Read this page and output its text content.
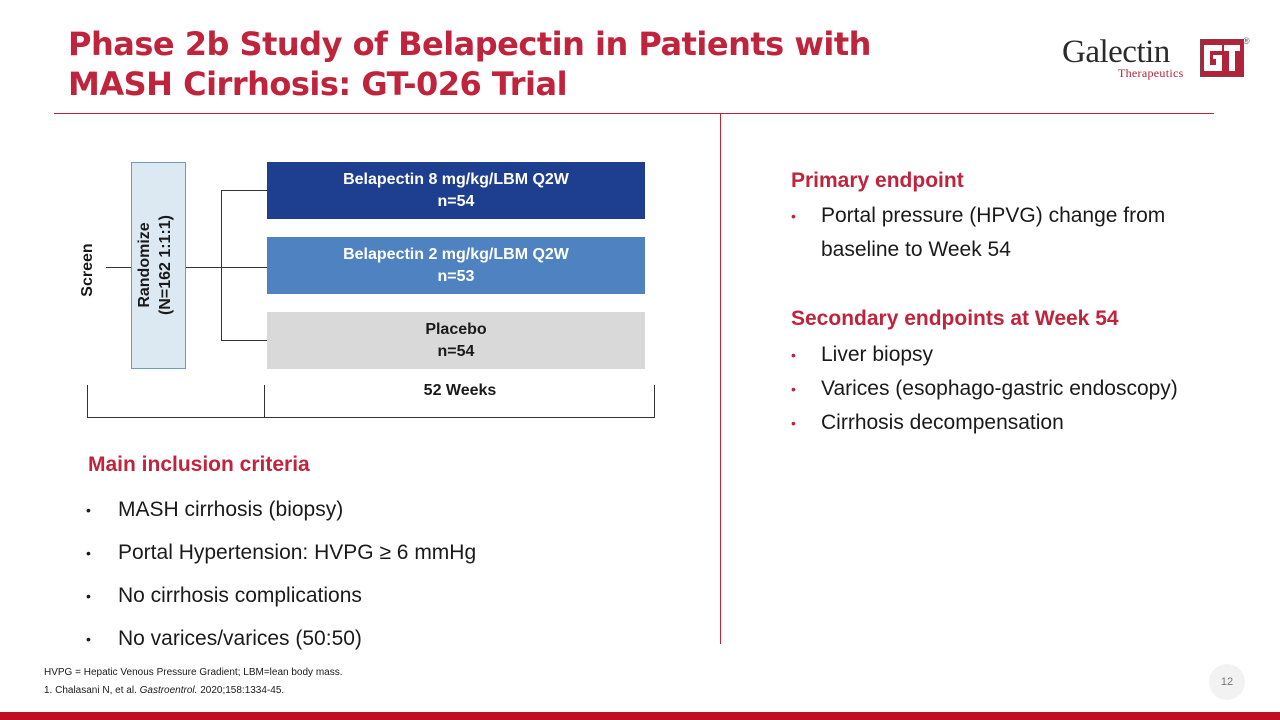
Phase 2b Study of Belapectin in Patients with
MASH Cirrhosis: GT-026 Trial
Galectin
Therapeutics
®
Screen	Randomize (N=162 1:1:1)
Belapectin 8 mg/kg/LBM Q2W
n=54
Belapectin 2 mg/kg/LBM Q2W
n=53
Placebo
n=54
52 Weeks
Main inclusion criteria
• MASH cirrhosis (biopsy)
• Portal Hypertension: HVPG ≥ 6 mmHg
• No cirrhosis complications
• No varices/varices (50:50)
Primary endpoint
• Portal pressure (HPVG) change from baseline to Week 54
Secondary endpoints at Week 54
• Liver biopsy
• Varices (esophago-gastric endoscopy)
• Cirrhosis decompensation
HVPG = Hepatic Venous Pressure Gradient; LBM=lean body mass.
1. Chalasani N, et al. Gastroentrol. 2020;158:1334-45.
12
